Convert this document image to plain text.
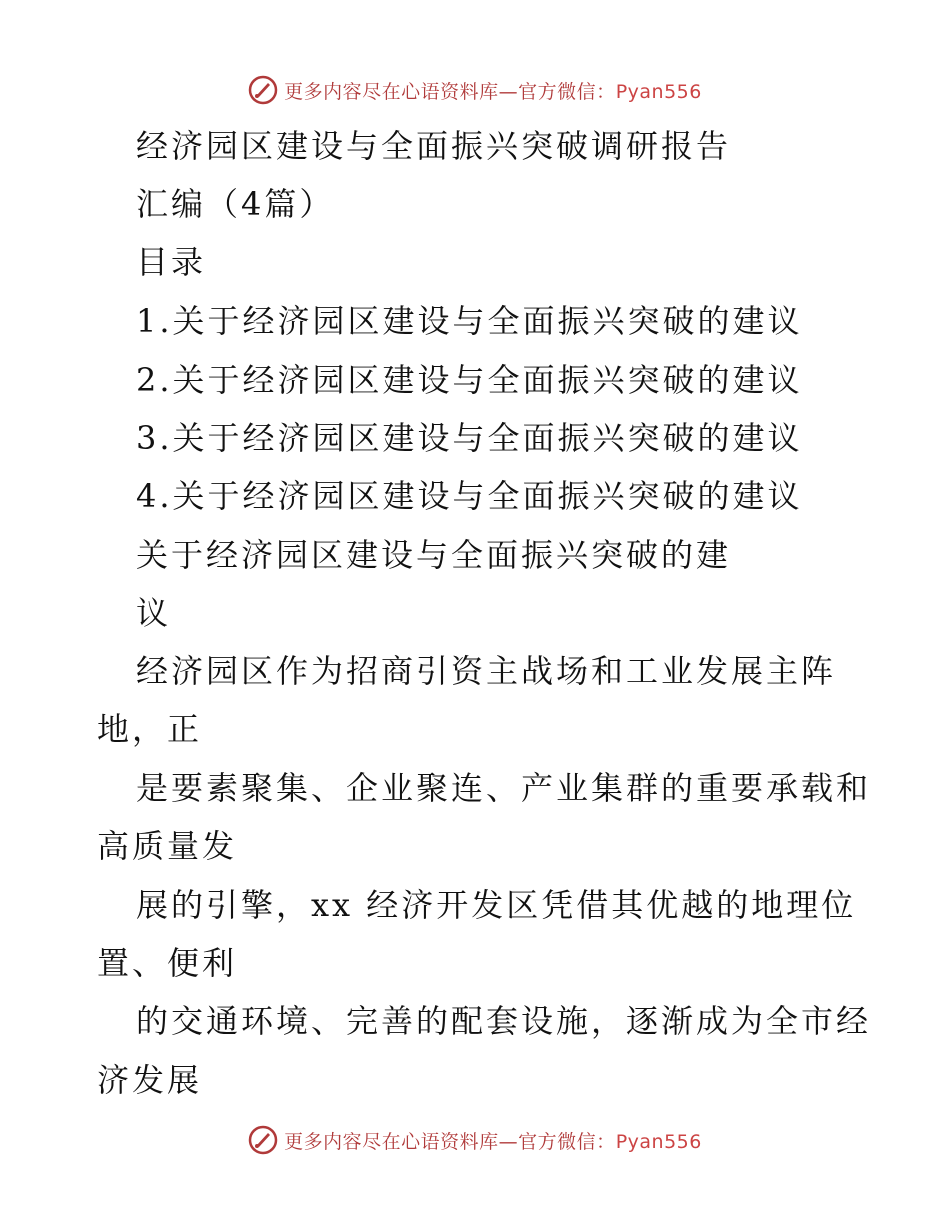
更多内容尽在心语资料库—官方微信：Pyan556
经济园区建设与全面振兴突破调研报告
汇编（4篇）
目录
1.关于经济园区建设与全面振兴突破的建议
2.关于经济园区建设与全面振兴突破的建议
3.关于经济园区建设与全面振兴突破的建议
4.关于经济园区建设与全面振兴突破的建议
关于经济园区建设与全面振兴突破的建
议
经济园区作为招商引资主战场和工业发展主阵
地，正
是要素聚集、企业聚连、产业集群的重要承载和
高质量发
展的引擎，xx 经济开发区凭借其优越的地理位
置、便利
的交通环境、完善的配套设施，逐渐成为全市经
济发展
更多内容尽在心语资料库—官方微信：Pyan556
